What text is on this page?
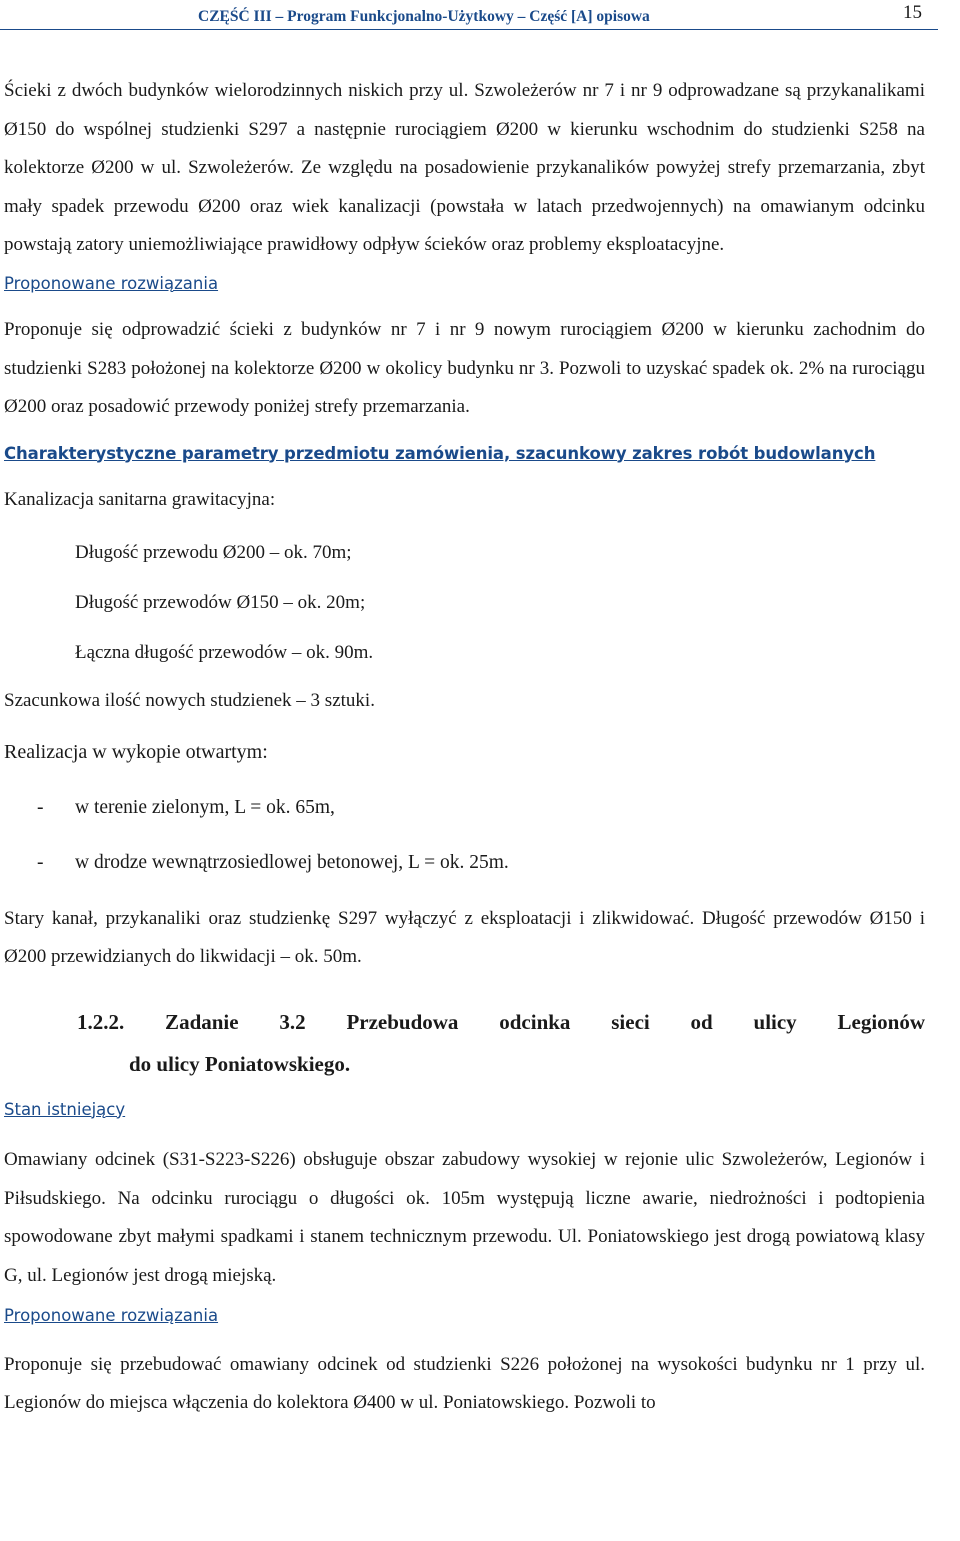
CZĘŚĆ III – Program Funkcjonalno-Użytkowy – Część [A] opisowa	15

Ścieki z dwóch budynków wielorodzinnych niskich przy ul. Szwoleżerów nr 7 i nr 9 odprowadzane są przykanalikami Ø150 do wspólnej studzienki S297 a następnie rurociągiem Ø200 w kierunku wschodnim do studzienki S258 na kolektorze Ø200 w ul. Szwoleżerów. Ze względu na posadowienie przykanalików powyżej strefy przemarzania, zbyt mały spadek przewodu Ø200 oraz wiek kanalizacji (powstała w latach przedwojennych) na omawianym odcinku powstają zatory uniemożliwiające prawidłowy odpływ ścieków oraz problemy eksploatacyjne.

Proponowane rozwiązania

Proponuje się odprowadzić ścieki z budynków nr 7 i nr 9 nowym rurociągiem Ø200 w kierunku zachodnim do studzienki S283 położonej na kolektorze Ø200 w okolicy budynku nr 3. Pozwoli to uzyskać spadek ok. 2% na rurociągu Ø200 oraz posadowić przewody poniżej strefy przemarzania.

Charakterystyczne parametry przedmiotu zamówienia, szacunkowy zakres robót budowlanych

Kanalizacja sanitarna grawitacyjna:

Długość przewodu Ø200 – ok. 70m;

Długość przewodów Ø150 – ok. 20m;

Łączna długość przewodów – ok. 90m.

Szacunkowa ilość nowych studzienek – 3 sztuki.

Realizacja w wykopie otwartym:

-	w terenie zielonym, L = ok. 65m,

-	w drodze wewnątrzosiedlowej betonowej, L = ok. 25m.

Stary kanał, przykanaliki oraz studzienkę S297 wyłączyć z eksploatacji i zlikwidować. Długość przewodów Ø150 i Ø200 przewidzianych do likwidacji – ok. 50m.

1.2.2. Zadanie 3.2 Przebudowa odcinka sieci od ulicy Legionów
do ulicy Poniatowskiego.

Stan istniejący

Omawiany odcinek (S31-S223-S226) obsługuje obszar zabudowy wysokiej w rejonie ulic Szwoleżerów, Legionów i Piłsudskiego. Na odcinku rurociągu o długości ok. 105m występują liczne awarie, niedrożności i podtopienia spowodowane zbyt małymi spadkami i stanem technicznym przewodu. Ul. Poniatowskiego jest drogą powiatową klasy G, ul. Legionów jest drogą miejską.

Proponowane rozwiązania

Proponuje się przebudować omawiany odcinek od studzienki S226 położonej na wysokości budynku nr 1 przy ul. Legionów do miejsca włączenia do kolektora Ø400 w ul. Poniatowskiego. Pozwoli to
